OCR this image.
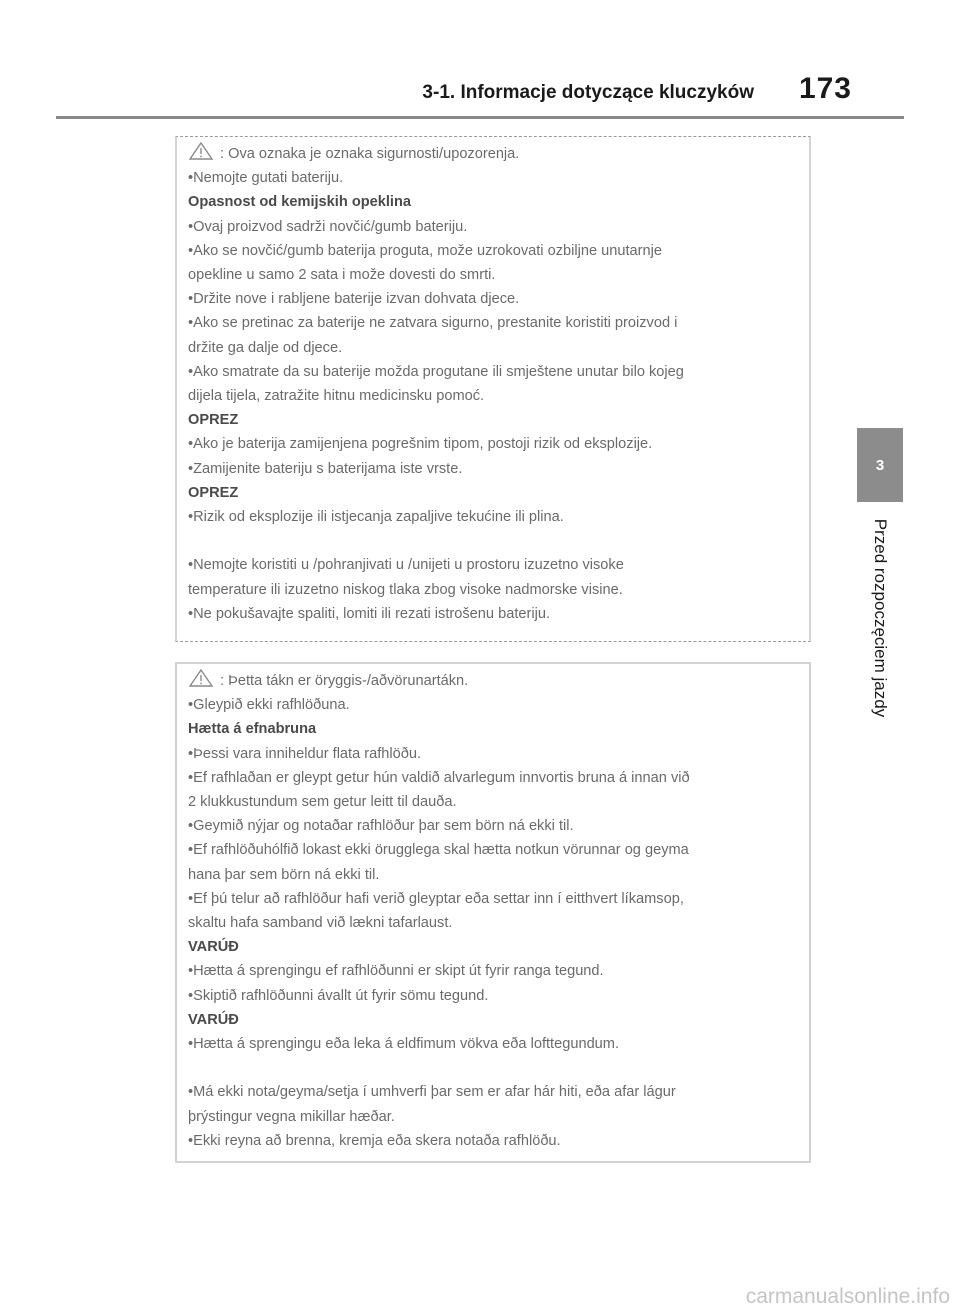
3-1. Informacje dotyczące kluczyków 173
3
Przed rozpoczęciem jazdy
: Ova oznaka je oznaka sigurnosti/upozorenja.
•Nemojte gutati bateriju.
Opasnost od kemijskih opeklina
•Ovaj proizvod sadrži novčić/gumb bateriju.
•Ako se novčić/gumb baterija proguta, može uzrokovati ozbiljne unutarnje
opekline u samo 2 sata i može dovesti do smrti.
•Držite nove i rabljene baterije izvan dohvata djece.
•Ako se pretinac za baterije ne zatvara sigurno, prestanite koristiti proizvod i
držite ga dalje od djece.
•Ako smatrate da su baterije možda progutane ili smještene unutar bilo kojeg
dijela tijela, zatražite hitnu medicinsku pomoć.
OPREZ
•Ako je baterija zamijenjena pogrešnim tipom, postoji rizik od eksplozije.
•Zamijenite bateriju s baterijama iste vrste.
OPREZ
•Rizik od eksplozije ili istjecanja zapaljive tekućine ili plina.
•Nemojte koristiti u /pohranjivati u /unijeti u prostoru izuzetno visoke
temperature ili izuzetno niskog tlaka zbog visoke nadmorske visine.
•Ne pokušavajte spaliti, lomiti ili rezati istrošenu bateriju.
: Þetta tákn er öryggis-/aðvörunartákn.
•Gleypið ekki rafhlöðuna.
Hætta á efnabruna
•Þessi vara inniheldur flata rafhlöðu.
•Ef rafhlaðan er gleypt getur hún valdið alvarlegum innvortis bruna á innan við
2 klukkustundum sem getur leitt til dauða.
•Geymið nýjar og notaðar rafhlöður þar sem börn ná ekki til.
•Ef rafhlöðuhólfið lokast ekki örugglega skal hætta notkun vörunnar og geyma
hana þar sem börn ná ekki til.
•Ef þú telur að rafhlöður hafi verið gleyptar eða settar inn í eitthvert líkamsop,
skaltu hafa samband við lækni tafarlaust.
VARÚÐ
•Hætta á sprengingu ef rafhlöðunni er skipt út fyrir ranga tegund.
•Skiptið rafhlöðunni ávallt út fyrir sömu tegund.
VARÚÐ
•Hætta á sprengingu eða leka á eldfimum vökva eða lofttegundum.
•Má ekki nota/geyma/setja í umhverfi þar sem er afar hár hiti, eða afar lágur
þrýstingur vegna mikillar hæðar.
•Ekki reyna að brenna, kremja eða skera notaða rafhlöðu.
carmanualsonline.info
